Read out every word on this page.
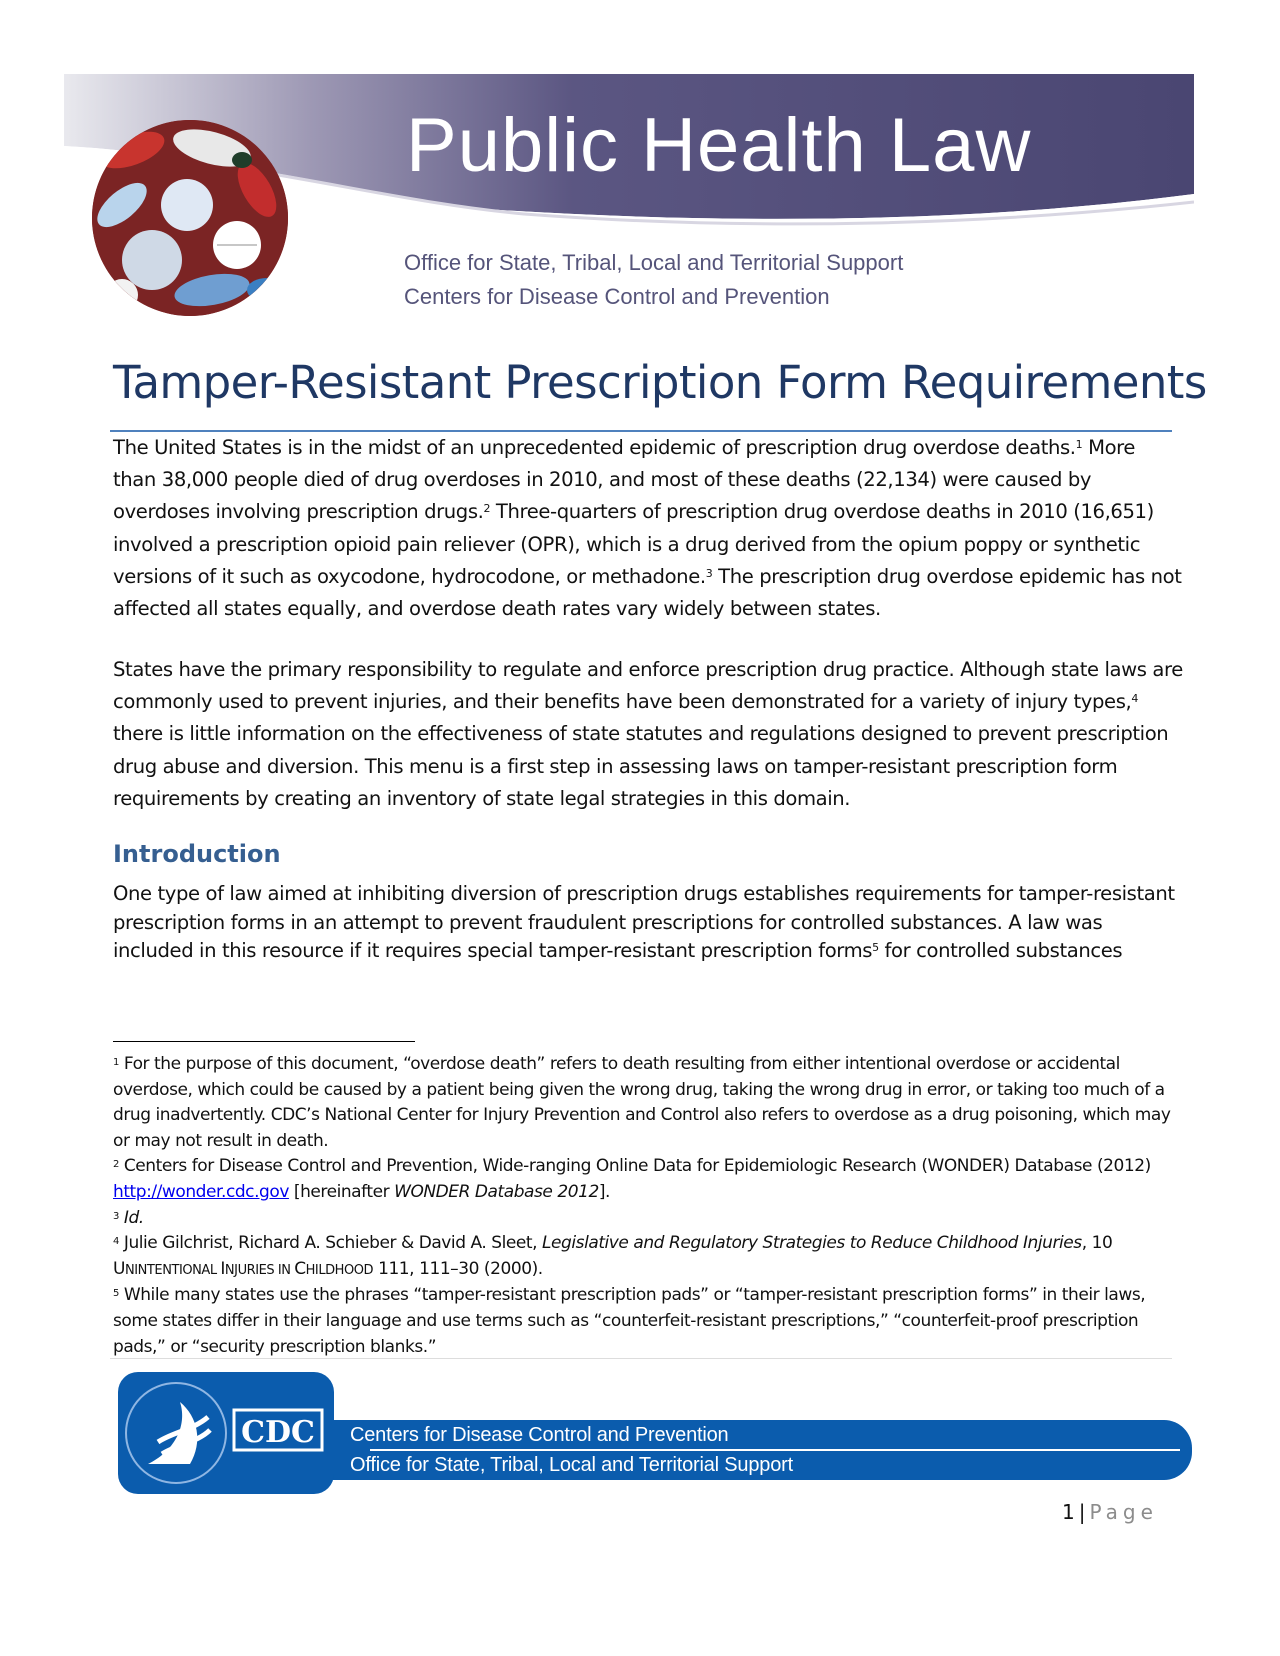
Public Health Law
Office for State, Tribal, Local and Territorial Support
Centers for Disease Control and Prevention
Tamper-Resistant Prescription Form Requirements
The United States is in the midst of an unprecedented epidemic of prescription drug overdose deaths.$^1$ More than 38,000 people died of drug overdoses in 2010, and most of these deaths (22,134) were caused by overdoses involving prescription drugs.$^2$ Three-quarters of prescription drug overdose deaths in 2010 (16,651) involved a prescription opioid pain reliever (OPR), which is a drug derived from the opium poppy or synthetic versions of it such as oxycodone, hydrocodone, or methadone.$^3$ The prescription drug overdose epidemic has not affected all states equally, and overdose death rates vary widely between states.
States have the primary responsibility to regulate and enforce prescription drug practice. Although state laws are commonly used to prevent injuries, and their benefits have been demonstrated for a variety of injury types,$^4$ there is little information on the effectiveness of state statutes and regulations designed to prevent prescription drug abuse and diversion. This menu is a first step in assessing laws on tamper-resistant prescription form requirements by creating an inventory of state legal strategies in this domain.
Introduction
One type of law aimed at inhibiting diversion of prescription drugs establishes requirements for tamper-resistant prescription forms in an attempt to prevent fraudulent prescriptions for controlled substances. A law was included in this resource if it requires special tamper-resistant prescription forms$^5$ for controlled substances

$^1$ For the purpose of this document, “overdose death” refers to death resulting from either intentional overdose or accidental overdose, which could be caused by a patient being given the wrong drug, taking the wrong drug in error, or taking too much of a drug inadvertently. CDC’s National Center for Injury Prevention and Control also refers to overdose as a drug poisoning, which may or may not result in death.

$^2$ Centers for Disease Control and Prevention, Wide-ranging Online Data for Epidemiologic Research (WONDER) Database (2012) http://wonder.cdc.gov [hereinafter WONDER Database 2012].

$^3$ Id.

$^4$ Julie Gilchrist, Richard A. Schieber & David A. Sleet, Legislative and Regulatory Strategies to Reduce Childhood Injuries, 10 UNINTENTIONAL INJURIES IN CHILDHOOD 111, 111–30 (2000).

$^5$ While many states use the phrases “tamper-resistant prescription pads” or “tamper-resistant prescription forms” in their laws, some states differ in their language and use terms such as “counterfeit-resistant prescriptions,” “counterfeit-proof prescription pads,” or “security prescription blanks.”

Centers for Disease Control and Prevention
Office for State, Tribal, Local and Territorial Support
CDC
1 | Page
